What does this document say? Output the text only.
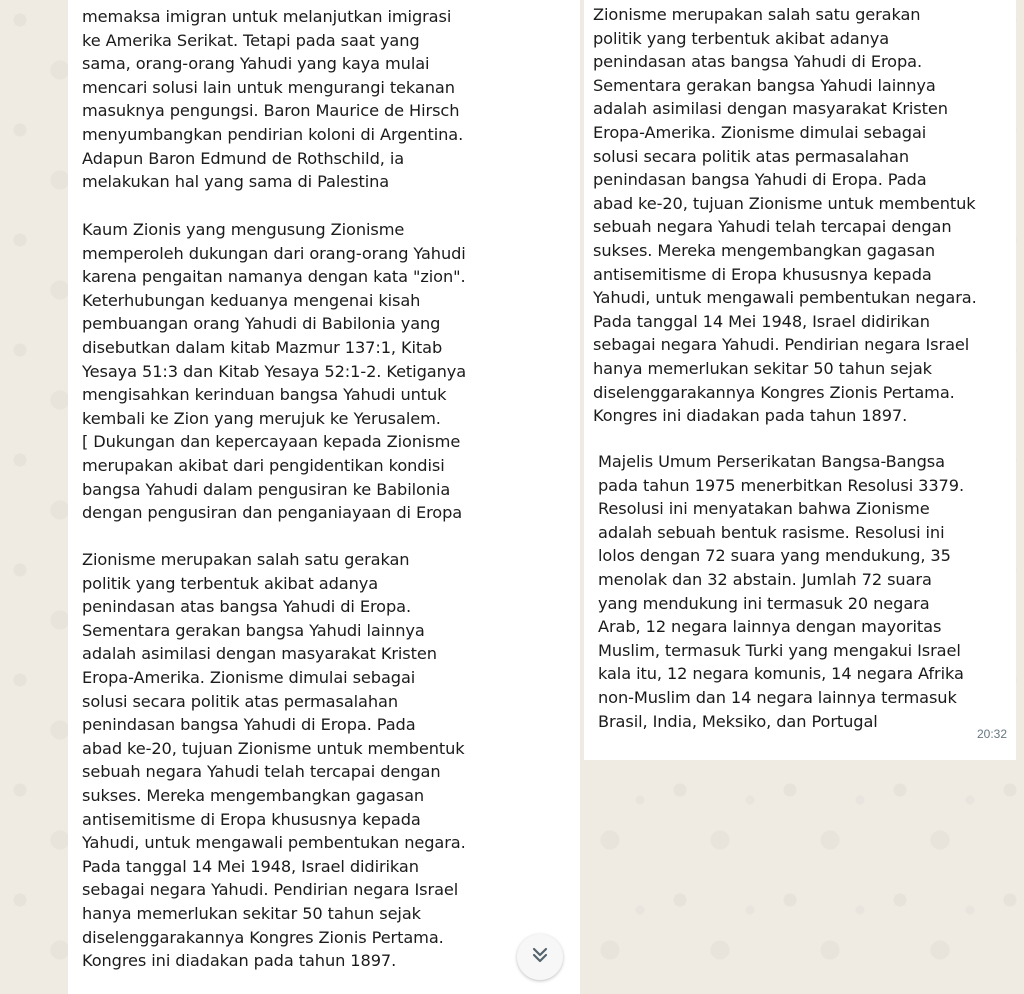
memaksa imigran untuk melanjutkan imigrasi
ke Amerika Serikat. Tetapi pada saat yang
sama, orang-orang Yahudi yang kaya mulai
mencari solusi lain untuk mengurangi tekanan
masuknya pengungsi. Baron Maurice de Hirsch
menyumbangkan pendirian koloni di Argentina.
Adapun Baron Edmund de Rothschild, ia
melakukan hal yang sama di Palestina
Kaum Zionis yang mengusung Zionisme
memperoleh dukungan dari orang-orang Yahudi
karena pengaitan namanya dengan kata "zion".
Keterhubungan keduanya mengenai kisah
pembuangan orang Yahudi di Babilonia yang
disebutkan dalam kitab Mazmur 137:1, Kitab
Yesaya 51:3 dan Kitab Yesaya 52:1-2. Ketiganya
mengisahkan kerinduan bangsa Yahudi untuk
kembali ke Zion yang merujuk ke Yerusalem.
[ Dukungan dan kepercayaan kepada Zionisme
merupakan akibat dari pengidentikan kondisi
bangsa Yahudi dalam pengusiran ke Babilonia
dengan pengusiran dan penganiayaan di Eropa
Zionisme merupakan salah satu gerakan
politik yang terbentuk akibat adanya
penindasan atas bangsa Yahudi di Eropa.
Sementara gerakan bangsa Yahudi lainnya
adalah asimilasi dengan masyarakat Kristen
Eropa-Amerika. Zionisme dimulai sebagai
solusi secara politik atas permasalahan
penindasan bangsa Yahudi di Eropa. Pada
abad ke-20, tujuan Zionisme untuk membentuk
sebuah negara Yahudi telah tercapai dengan
sukses. Mereka mengembangkan gagasan
antisemitisme di Eropa khususnya kepada
Yahudi, untuk mengawali pembentukan negara.
Pada tanggal 14 Mei 1948, Israel didirikan
sebagai negara Yahudi. Pendirian negara Israel
hanya memerlukan sekitar 50 tahun sejak
diselenggarakannya Kongres Zionis Pertama.
Kongres ini diadakan pada tahun 1897.
Zionisme merupakan salah satu gerakan
politik yang terbentuk akibat adanya
penindasan atas bangsa Yahudi di Eropa.
Sementara gerakan bangsa Yahudi lainnya
adalah asimilasi dengan masyarakat Kristen
Eropa-Amerika. Zionisme dimulai sebagai
solusi secara politik atas permasalahan
penindasan bangsa Yahudi di Eropa. Pada
abad ke-20, tujuan Zionisme untuk membentuk
sebuah negara Yahudi telah tercapai dengan
sukses. Mereka mengembangkan gagasan
antisemitisme di Eropa khususnya kepada
Yahudi, untuk mengawali pembentukan negara.
Pada tanggal 14 Mei 1948, Israel didirikan
sebagai negara Yahudi. Pendirian negara Israel
hanya memerlukan sekitar 50 tahun sejak
diselenggarakannya Kongres Zionis Pertama.
Kongres ini diadakan pada tahun 1897.
Majelis Umum Perserikatan Bangsa-Bangsa
pada tahun 1975 menerbitkan Resolusi 3379.
Resolusi ini menyatakan bahwa Zionisme
adalah sebuah bentuk rasisme. Resolusi ini
lolos dengan 72 suara yang mendukung, 35
menolak dan 32 abstain. Jumlah 72 suara
yang mendukung ini termasuk 20 negara
Arab, 12 negara lainnya dengan mayoritas
Muslim, termasuk Turki yang mengakui Israel
kala itu, 12 negara komunis, 14 negara Afrika
non-Muslim dan 14 negara lainnya termasuk
Brasil, India, Meksiko, dan Portugal
20:32
